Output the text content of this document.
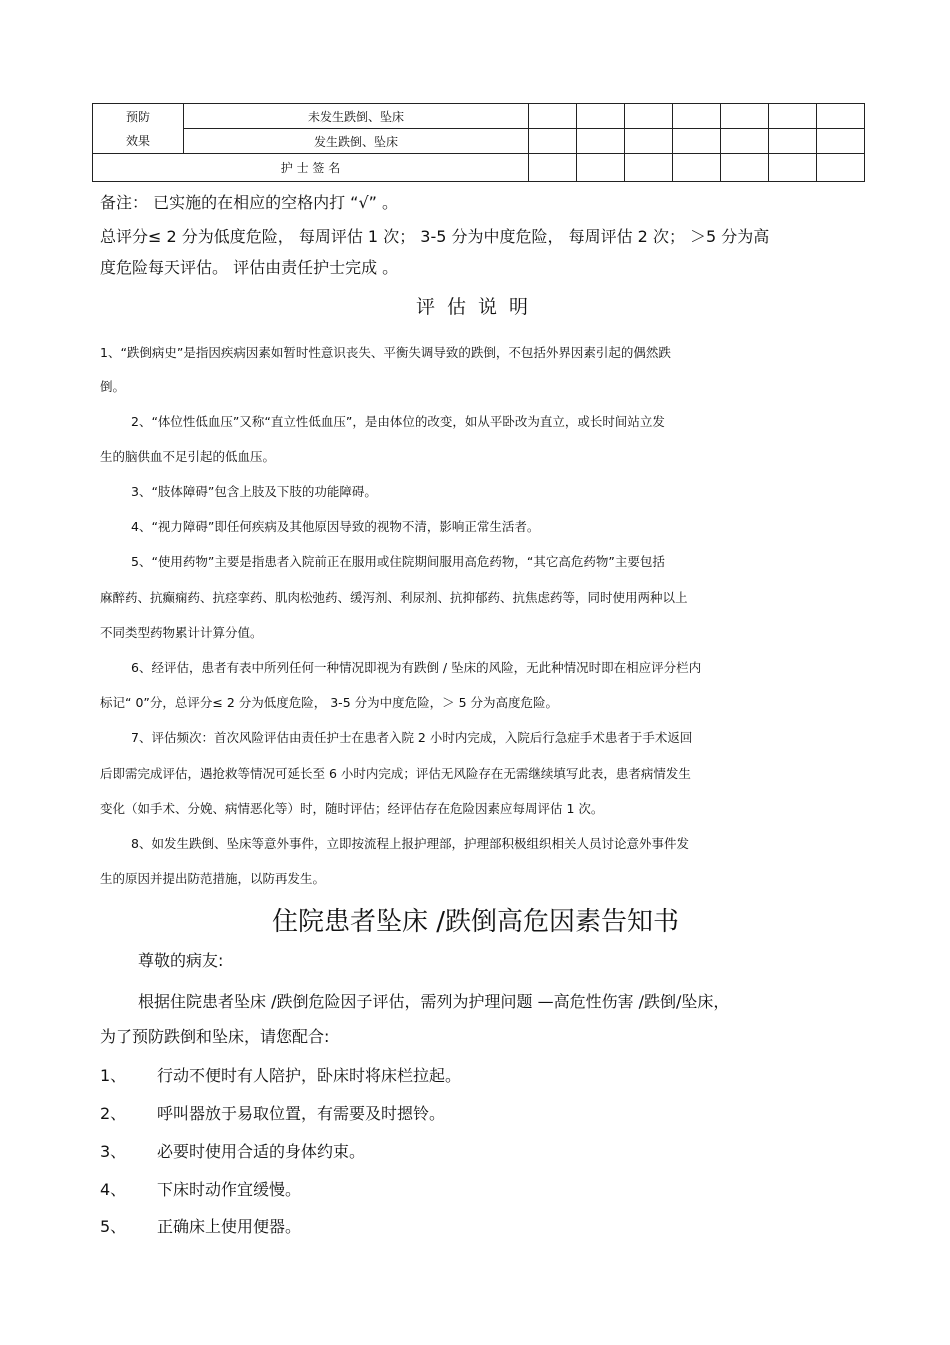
预防
效果	未发生跌倒、坠床							
	发生跌倒、坠床							
护 士 签 名								
备注： 已实施的在相应的空格内打 “√” 。
总评分≤ 2 分为低度危险， 每周评估 1 次； 3-5 分为中度危险， 每周评估 2 次； ＞5 分为高
度危险每天评估。 评估由责任护士完成 。
评估说明
1、“跌倒病史”是指因疾病因素如暂时性意识丧失、平衡失调导致的跌倒，不包括外界因素引起的偶然跌
倒。
2、“体位性低血压”又称“直立性低血压”，是由体位的改变，如从平卧改为直立，或长时间站立发
生的脑供血不足引起的低血压。
3、“肢体障碍”包含上肢及下肢的功能障碍。
4、“视力障碍”即任何疾病及其他原因导致的视物不清，影响正常生活者。
5、“使用药物”主要是指患者入院前正在服用或住院期间服用高危药物，“其它高危药物”主要包括
麻醉药、抗癫痫药、抗痉挛药、肌肉松弛药、缓泻剂、利尿剂、抗抑郁药、抗焦虑药等，同时使用两种以上
不同类型药物累计计算分值。
6、经评估，患者有表中所列任何一种情况即视为有跌倒 / 坠床的风险，无此种情况时即在相应评分栏内
标记“ 0”分，总评分≤ 2 分为低度危险， 3-5 分为中度危险，＞ 5 分为高度危险。
7、评估频次：首次风险评估由责任护士在患者入院 2 小时内完成，入院后行急症手术患者于手术返回
后即需完成评估，遇抢救等情况可延长至 6 小时内完成；评估无风险存在无需继续填写此表，患者病情发生
变化（如手术、分娩、病情恶化等）时，随时评估；经评估存在危险因素应每周评估 1 次。
8、如发生跌倒、坠床等意外事件，立即按流程上报护理部，护理部积极组织相关人员讨论意外事件发
生的原因并提出防范措施，以防再发生。
住院患者坠床 /跌倒高危因素告知书
尊敬的病友:
根据住院患者坠床 /跌倒危险因子评估，需列为护理问题 —高危性伤害 /跌倒/坠床，
为了预防跌倒和坠床，请您配合:
1、 行动不便时有人陪护，卧床时将床栏拉起。
2、 呼叫器放于易取位置，有需要及时摁铃。
3、 必要时使用合适的身体约束。
4、 下床时动作宜缓慢。
5、 正确床上使用便器。
